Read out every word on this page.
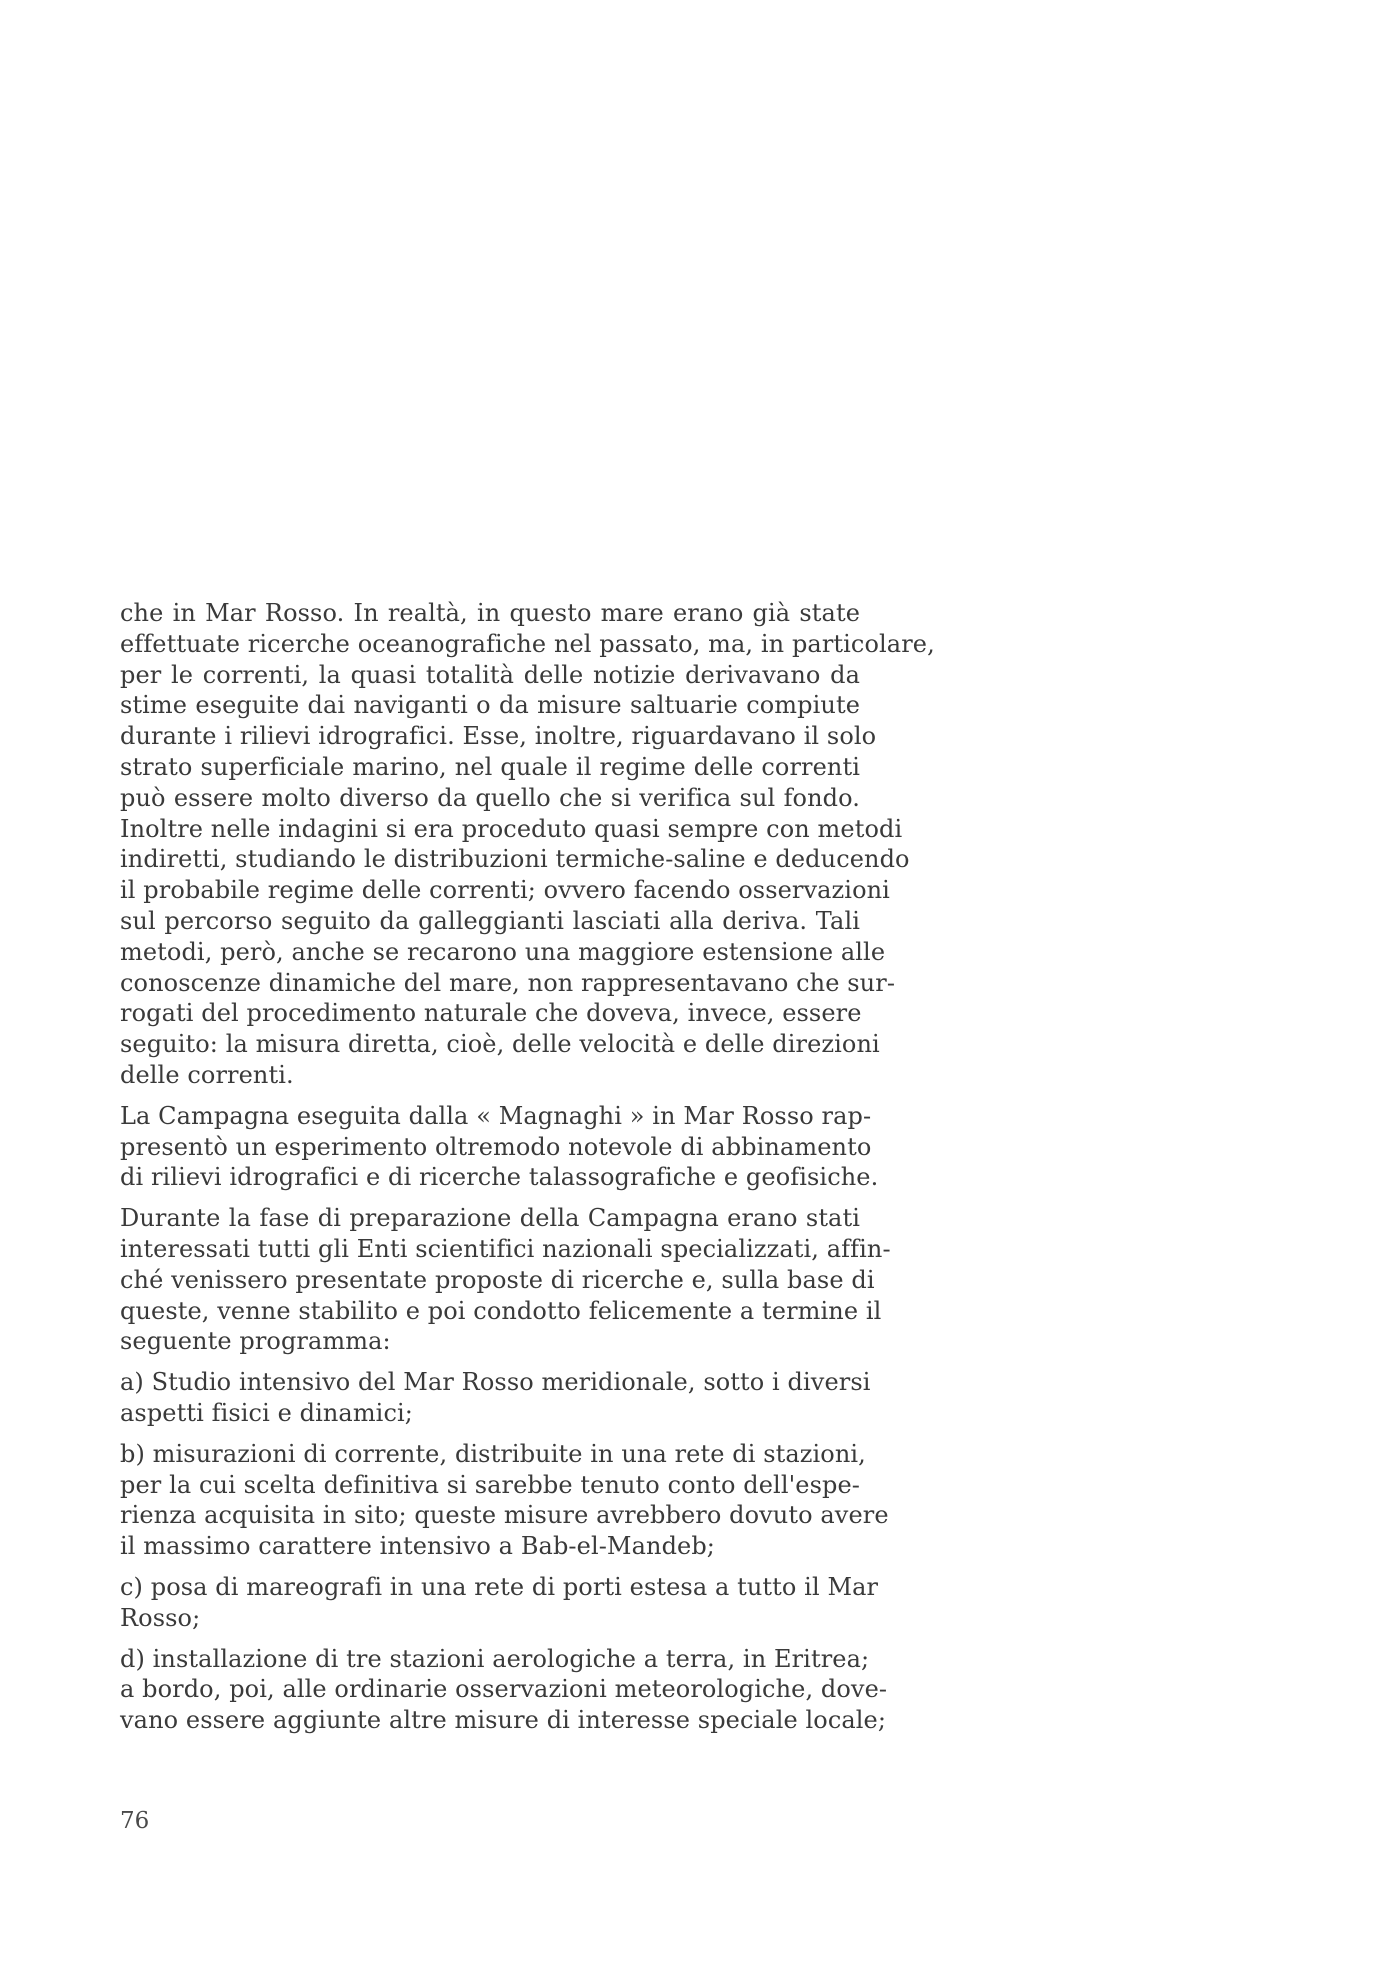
che in Mar Rosso. In realtà, in questo mare erano già state
effettuate ricerche oceanografiche nel passato, ma, in particolare,
per le correnti, la quasi totalità delle notizie derivavano da
stime eseguite dai naviganti o da misure saltuarie compiute
durante i rilievi idrografici. Esse, inoltre, riguardavano il solo
strato superficiale marino, nel quale il regime delle correnti
può essere molto diverso da quello che si verifica sul fondo.
Inoltre nelle indagini si era proceduto quasi sempre con metodi
indiretti, studiando le distribuzioni termiche-saline e deducendo
il probabile regime delle correnti; ovvero facendo osservazioni
sul percorso seguito da galleggianti lasciati alla deriva. Tali
metodi, però, anche se recarono una maggiore estensione alle
conoscenze dinamiche del mare, non rappresentavano che sur-
rogati del procedimento naturale che doveva, invece, essere
seguito: la misura diretta, cioè, delle velocità e delle direzioni
delle correnti.

La Campagna eseguita dalla « Magnaghi » in Mar Rosso rap-
presentò un esperimento oltremodo notevole di abbinamento
di rilievi idrografici e di ricerche talassografiche e geofisiche.

Durante la fase di preparazione della Campagna erano stati
interessati tutti gli Enti scientifici nazionali specializzati, affin-
ché venissero presentate proposte di ricerche e, sulla base di
queste, venne stabilito e poi condotto felicemente a termine il
seguente programma:

a) Studio intensivo del Mar Rosso meridionale, sotto i diversi
aspetti fisici e dinamici;

b) misurazioni di corrente, distribuite in una rete di stazioni,
per la cui scelta definitiva si sarebbe tenuto conto dell'espe-
rienza acquisita in sito; queste misure avrebbero dovuto avere
il massimo carattere intensivo a Bab-el-Mandeb;

c) posa di mareografi in una rete di porti estesa a tutto il Mar
Rosso;

d) installazione di tre stazioni aerologiche a terra, in Eritrea;
a bordo, poi, alle ordinarie osservazioni meteorologiche, dove-
vano essere aggiunte altre misure di interesse speciale locale;

76
